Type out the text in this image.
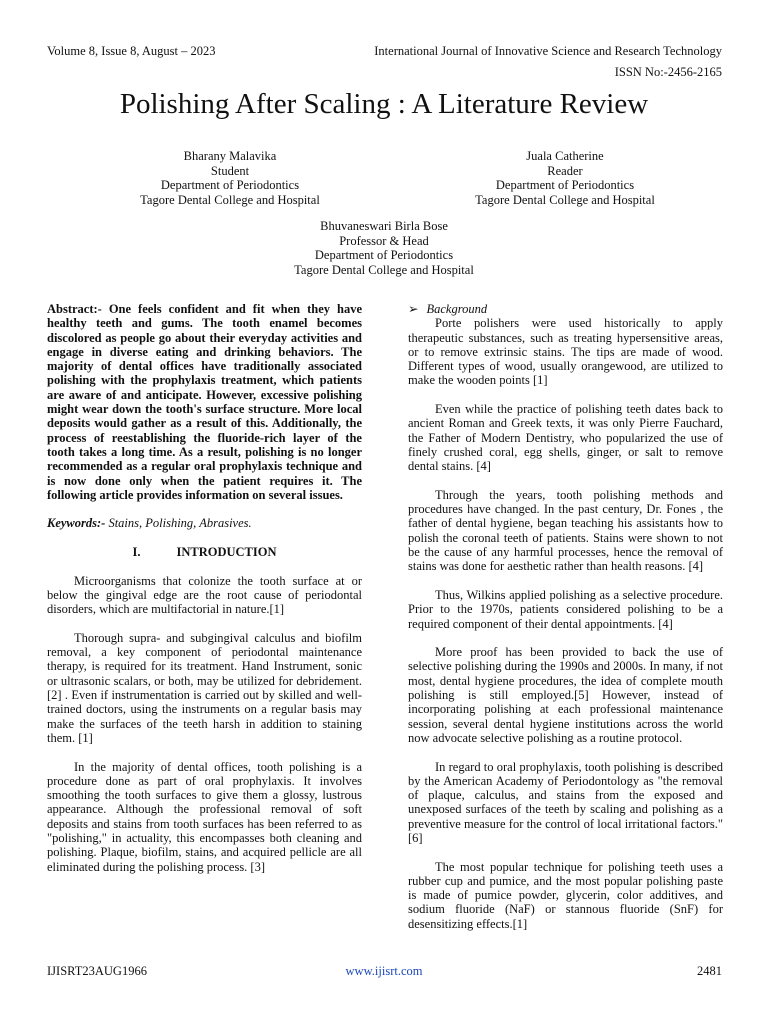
Volume 8, Issue 8, August – 2023	International Journal of Innovative Science and Research Technology
ISSN No:-2456-2165
Polishing After Scaling : A Literature Review
Bharany Malavika
Student
Department of Periodontics
Tagore Dental College and Hospital
Juala Catherine
Reader
Department of Periodontics
Tagore Dental College and Hospital
Bhuvaneswari Birla Bose
Professor & Head
Department of Periodontics
Tagore Dental College and Hospital

Abstract:- One feels confident and fit when they have healthy teeth and gums. The tooth enamel becomes discolored as people go about their everyday activities and engage in diverse eating and drinking behaviors. The majority of dental offices have traditionally associated polishing with the prophylaxis treatment, which patients are aware of and anticipate. However, excessive polishing might wear down the tooth's surface structure. More local deposits would gather as a result of this. Additionally, the process of reestablishing the fluoride-rich layer of the tooth takes a long time. As a result, polishing is no longer recommended as a regular oral prophylaxis technique and is now done only when the patient requires it. The following article provides information on several issues.

Keywords:- Stains, Polishing, Abrasives.

I.	INTRODUCTION

Microorganisms that colonize the tooth surface at or below the gingival edge are the root cause of periodontal disorders, which are multifactorial in nature.[1]

Thorough supra- and subgingival calculus and biofilm removal, a key component of periodontal maintenance therapy, is required for its treatment. Hand Instrument, sonic or ultrasonic scalars, or both, may be utilized for debridement. [2] . Even if instrumentation is carried out by skilled and well-trained doctors, using the instruments on a regular basis may make the surfaces of the teeth harsh in addition to staining them. [1]

In the majority of dental offices, tooth polishing is a procedure done as part of oral prophylaxis. It involves smoothing the tooth surfaces to give them a glossy, lustrous appearance. Although the professional removal of soft deposits and stains from tooth surfaces has been referred to as "polishing," in actuality, this encompasses both cleaning and polishing. Plaque, biofilm, stains, and acquired pellicle are all eliminated during the polishing process. [3]

➢ Background

Porte polishers were used historically to apply therapeutic substances, such as treating hypersensitive areas, or to remove extrinsic stains. The tips are made of wood. Different types of wood, usually orangewood, are utilized to make the wooden points [1]

Even while the practice of polishing teeth dates back to ancient Roman and Greek texts, it was only Pierre Fauchard, the Father of Modern Dentistry, who popularized the use of finely crushed coral, egg shells, ginger, or salt to remove dental stains. [4]

Through the years, tooth polishing methods and procedures have changed. In the past century, Dr. Fones , the father of dental hygiene, began teaching his assistants how to polish the coronal teeth of patients. Stains were shown to not be the cause of any harmful processes, hence the removal of stains was done for aesthetic rather than health reasons. [4]

Thus, Wilkins applied polishing as a selective procedure. Prior to the 1970s, patients considered polishing to be a required component of their dental appointments. [4]

More proof has been provided to back the use of selective polishing during the 1990s and 2000s. In many, if not most, dental hygiene procedures, the idea of complete mouth polishing is still employed.[5] However, instead of incorporating polishing at each professional maintenance session, several dental hygiene institutions across the world now advocate selective polishing as a routine protocol.

In regard to oral prophylaxis, tooth polishing is described by the American Academy of Periodontology as "the removal of plaque, calculus, and stains from the exposed and unexposed surfaces of the teeth by scaling and polishing as a preventive measure for the control of local irritational factors."[6]

The most popular technique for polishing teeth uses a rubber cup and pumice, and the most popular polishing paste is made of pumice powder, glycerin, color additives, and sodium fluoride (NaF) or stannous fluoride (SnF) for desensitizing effects.[1]

IJISRT23AUG1966	www.ijisrt.com	2481
